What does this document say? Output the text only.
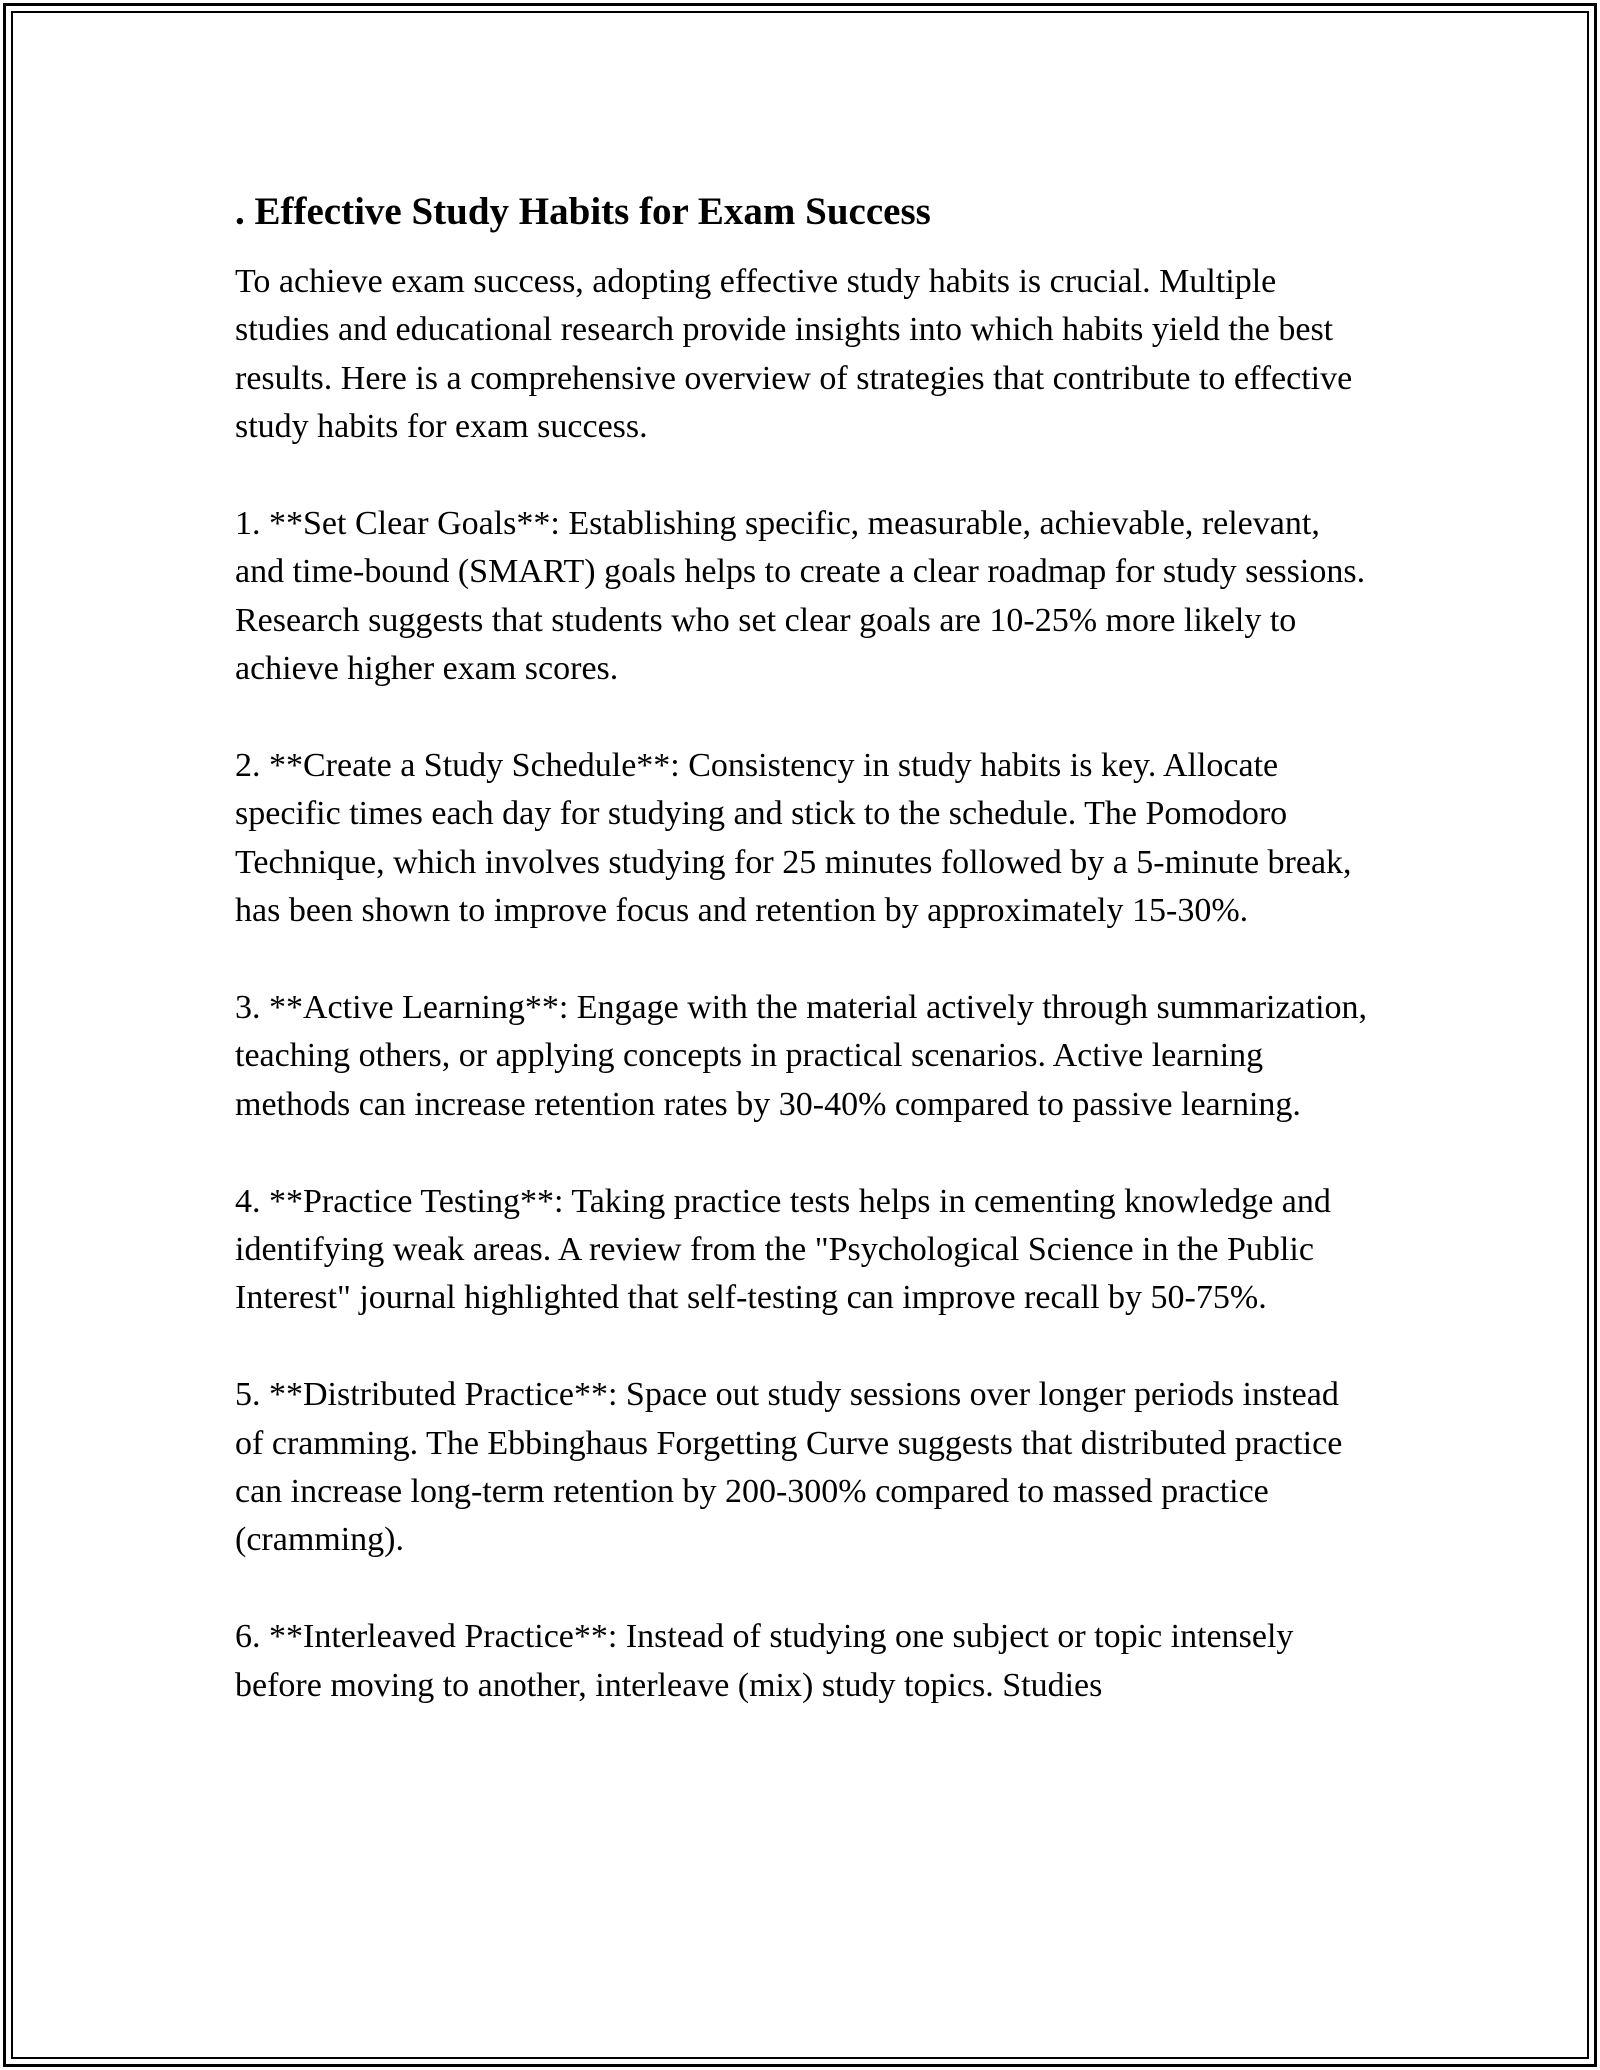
. Effective Study Habits for Exam Success

To achieve exam success, adopting effective study habits is crucial. Multiple studies and educational research provide insights into which habits yield the best results. Here is a comprehensive overview of strategies that contribute to effective study habits for exam success.

1. **Set Clear Goals**: Establishing specific, measurable, achievable, relevant, and time-bound (SMART) goals helps to create a clear roadmap for study sessions. Research suggests that students who set clear goals are 10-25% more likely to achieve higher exam scores.

2. **Create a Study Schedule**: Consistency in study habits is key. Allocate specific times each day for studying and stick to the schedule. The Pomodoro Technique, which involves studying for 25 minutes followed by a 5-minute break, has been shown to improve focus and retention by approximately 15-30%.

3. **Active Learning**: Engage with the material actively through summarization, teaching others, or applying concepts in practical scenarios. Active learning methods can increase retention rates by 30-40% compared to passive learning.

4. **Practice Testing**: Taking practice tests helps in cementing knowledge and identifying weak areas. A review from the "Psychological Science in the Public Interest" journal highlighted that self-testing can improve recall by 50-75%.

5. **Distributed Practice**: Space out study sessions over longer periods instead of cramming. The Ebbinghaus Forgetting Curve suggests that distributed practice can increase long-term retention by 200-300% compared to massed practice (cramming).

6. **Interleaved Practice**: Instead of studying one subject or topic intensely before moving to another, interleave (mix) study topics. Studies
